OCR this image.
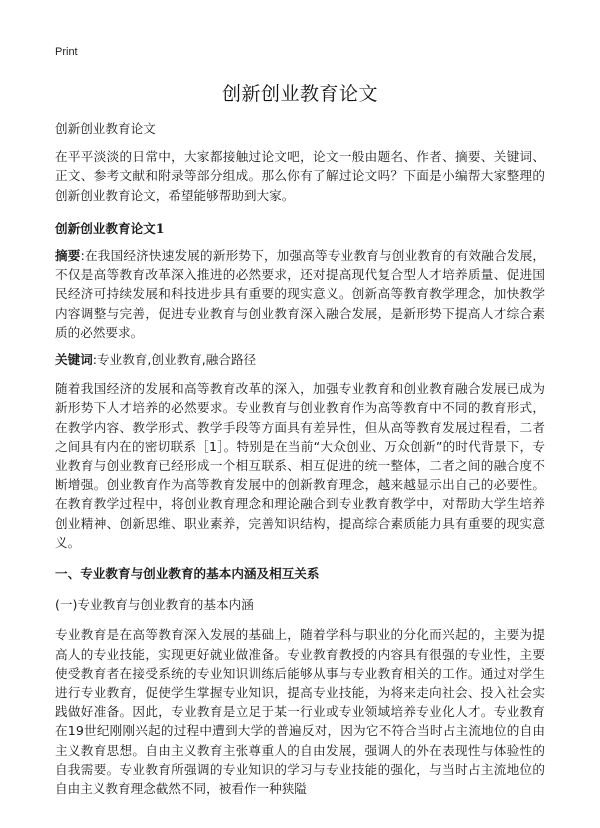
Print
创新创业教育论文

创新创业教育论文

在平平淡淡的日常中，大家都接触过论文吧，论文一般由题名、作者、摘要、关键词、正文、参考文献和附录等部分组成。那么你有了解过论文吗？下面是小编帮大家整理的创新创业教育论文，希望能够帮助到大家。

创新创业教育论文1

摘要:在我国经济快速发展的新形势下，加强高等专业教育与创业教育的有效融合发展，不仅是高等教育改革深入推进的必然要求，还对提高现代复合型人才培养质量、促进国民经济可持续发展和科技进步具有重要的现实意义。创新高等教育教学理念，加快教学内容调整与完善，促进专业教育与创业教育深入融合发展，是新形势下提高人才综合素质的必然要求。

关键词:专业教育,创业教育,融合路径

随着我国经济的发展和高等教育改革的深入，加强专业教育和创业教育融合发展已成为新形势下人才培养的必然要求。专业教育与创业教育作为高等教育中不同的教育形式，在教学内容、教学形式、教学手段等方面具有差异性，但从高等教育发展过程看，二者之间具有内在的密切联系［1］。特别是在当前“大众创业、万众创新”的时代背景下，专业教育与创业教育已经形成一个相互联系、相互促进的统一整体，二者之间的融合度不断增强。创业教育作为高等教育发展中的创新教育理念，越来越显示出自己的必要性。在教育教学过程中，将创业教育理念和理论融合到专业教育教学中，对帮助大学生培养创业精神、创新思维、职业素养，完善知识结构，提高综合素质能力具有重要的现实意义。

一、专业教育与创业教育的基本内涵及相互关系

(一)专业教育与创业教育的基本内涵

专业教育是在高等教育深入发展的基础上，随着学科与职业的分化而兴起的，主要为提高人的专业技能，实现更好就业做准备。专业教育教授的内容具有很强的专业性，主要使受教育者在接受系统的专业知识训练后能够从事与专业教育相关的工作。通过对学生进行专业教育，促使学生掌握专业知识，提高专业技能，为将来走向社会、投入社会实践做好准备。因此，专业教育是立足于某一行业或专业领域培养专业化人才。专业教育在19世纪刚刚兴起的过程中遭到大学的普遍反对，因为它不符合当时占主流地位的自由主义教育思想。自由主义教育主张尊重人的自由发展，强调人的外在表现性与体验性的自我需要。专业教育所强调的专业知识的学习与专业技能的强化，与当时占主流地位的自由主义教育理念截然不同，被看作一种狭隘
